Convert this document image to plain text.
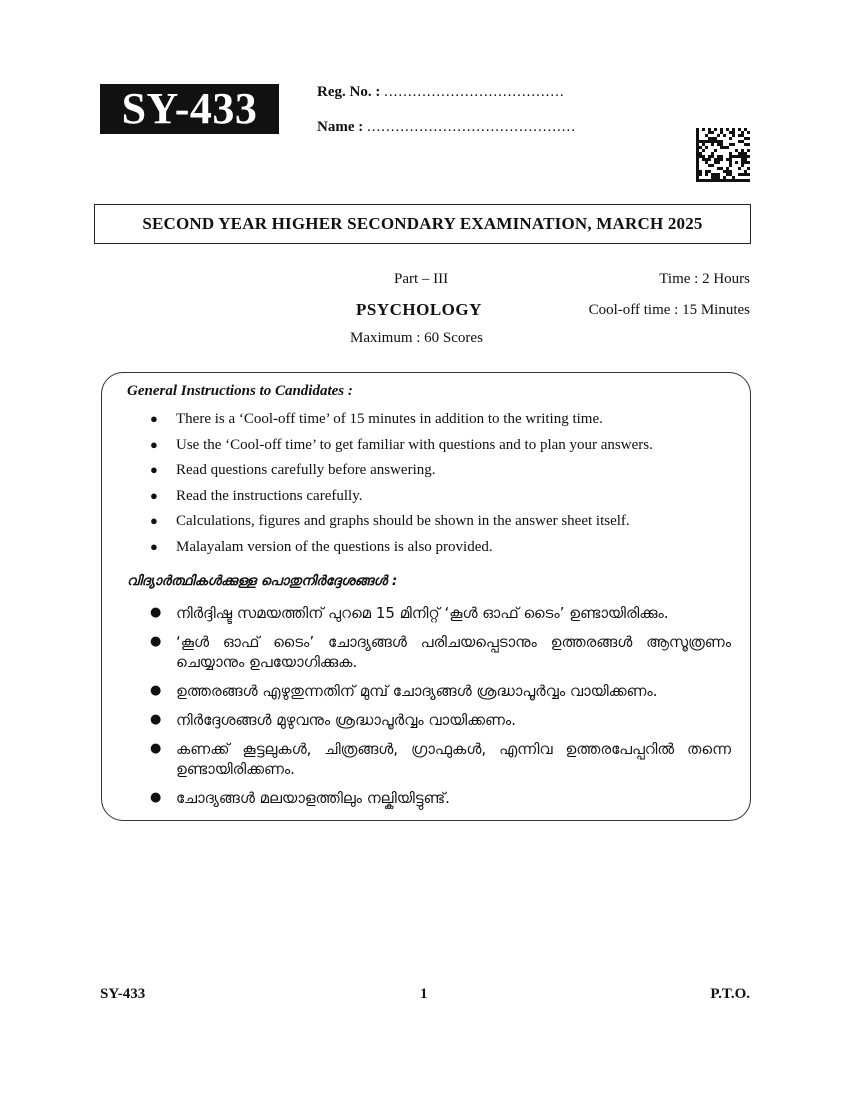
SY-433	Reg. No. : ......................................
Name : ............................................
SECOND YEAR HIGHER SECONDARY EXAMINATION, MARCH 2025
Part – III
PSYCHOLOGY
Maximum : 60 Scores
Time : 2 Hours
Cool-off time : 15 Minutes
General Instructions to Candidates :
● There is a ‘Cool-off time’ of 15 minutes in addition to the writing time.
● Use the ‘Cool-off time’ to get familiar with questions and to plan your answers.
● Read questions carefully before answering.
● Read the instructions carefully.
● Calculations, figures and graphs should be shown in the answer sheet itself.
● Malayalam version of the questions is also provided.
വിദ്യാർത്ഥികൾക്കുള്ള പൊതുനിർദ്ദേശങ്ങൾ :
● നിർദ്ദിഷ്ട സമയത്തിന് പുറമെ 15 മിനിറ്റ് ‘കൂൾ ഓഫ് ടൈം’ ഉണ്ടായിരിക്കും.
● ‘കൂൾ ഓഫ് ടൈം’ ചോദ്യങ്ങൾ പരിചയപ്പെടാനും ഉത്തരങ്ങൾ ആസൂത്രണം ചെയ്യാനും ഉപയോഗിക്കുക.
● ഉത്തരങ്ങൾ എഴുതുന്നതിന് മുമ്പ് ചോദ്യങ്ങൾ ശ്രദ്ധാപൂർവ്വം വായിക്കണം.
● നിർദ്ദേശങ്ങൾ മുഴുവനും ശ്രദ്ധാപൂർവ്വം വായിക്കണം.
● കണക്ക് കൂട്ടലുകൾ, ചിത്രങ്ങൾ, ഗ്രാഫുകൾ, എന്നിവ ഉത്തരപേപ്പറിൽ തന്നെ ഉണ്ടായിരിക്കണം.
● ചോദ്യങ്ങൾ മലയാളത്തിലും നല്കിയിട്ടുണ്ട്.
SY-433	1	P.T.O.
